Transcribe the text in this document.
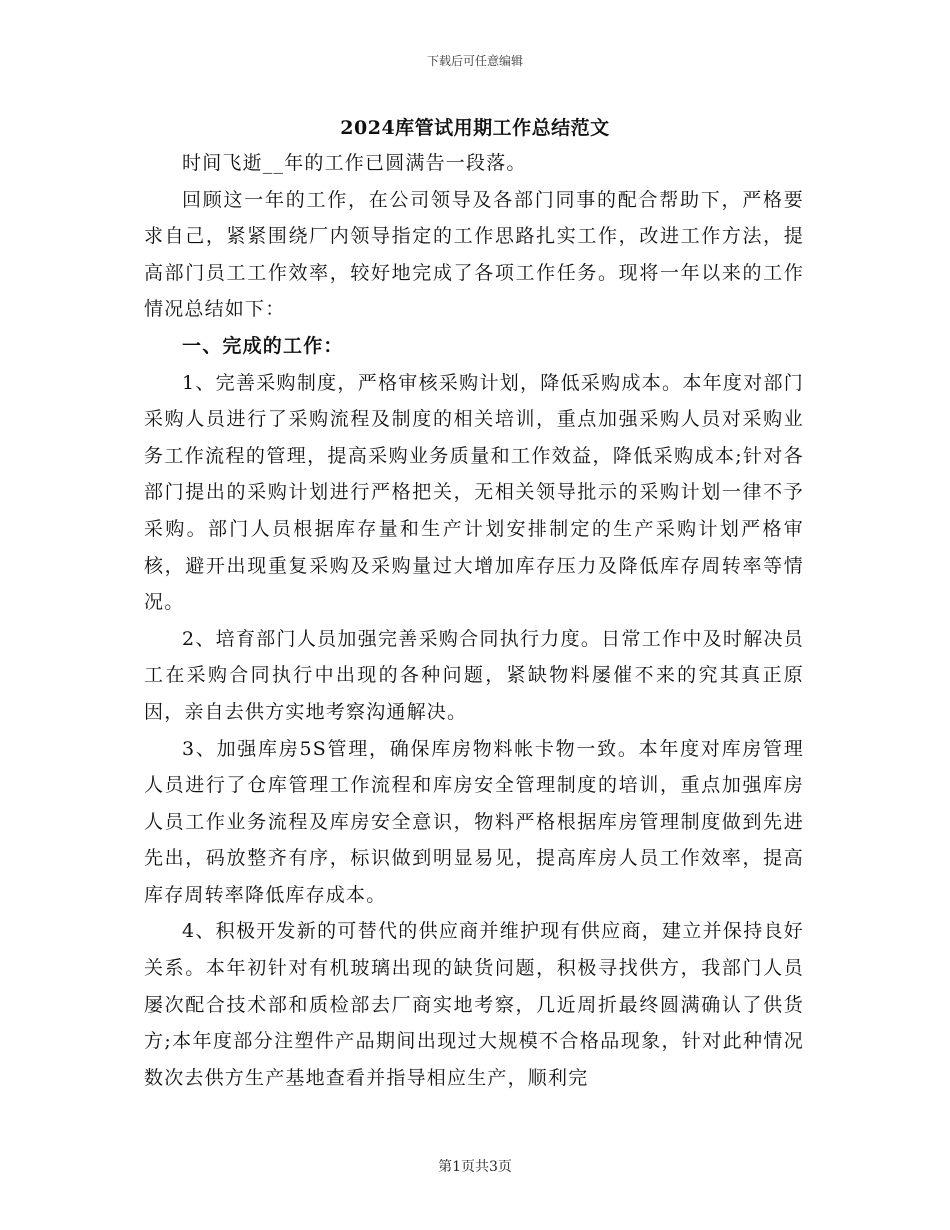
下载后可任意编辑
2024库管试用期工作总结范文

时间飞逝__年的工作已圆满告一段落。

回顾这一年的工作，在公司领导及各部门同事的配合帮助下，严格要求自己，紧紧围绕厂内领导指定的工作思路扎实工作，改进工作方法，提高部门员工工作效率，较好地完成了各项工作任务。现将一年以来的工作情况总结如下：

一、完成的工作：

1、完善采购制度，严格审核采购计划，降低采购成本。本年度对部门采购人员进行了采购流程及制度的相关培训，重点加强采购人员对采购业务工作流程的管理，提高采购业务质量和工作效益，降低采购成本;针对各部门提出的采购计划进行严格把关，无相关领导批示的采购计划一律不予采购。部门人员根据库存量和生产计划安排制定的生产采购计划严格审核，避开出现重复采购及采购量过大增加库存压力及降低库存周转率等情况。

2、培育部门人员加强完善采购合同执行力度。日常工作中及时解决员工在采购合同执行中出现的各种问题，紧缺物料屡催不来的究其真正原因，亲自去供方实地考察沟通解决。

3、加强库房5S管理，确保库房物料帐卡物一致。本年度对库房管理人员进行了仓库管理工作流程和库房安全管理制度的培训，重点加强库房人员工作业务流程及库房安全意识，物料严格根据库房管理制度做到先进先出，码放整齐有序，标识做到明显易见，提高库房人员工作效率，提高库存周转率降低库存成本。

4、积极开发新的可替代的供应商并维护现有供应商，建立并保持良好关系。本年初针对有机玻璃出现的缺货问题，积极寻找供方，我部门人员屡次配合技术部和质检部去厂商实地考察，几近周折最终圆满确认了供货方;本年度部分注塑件产品期间出现过大规模不合格品现象，针对此种情况数次去供方生产基地查看并指导相应生产，顺利完

第1页共3页
